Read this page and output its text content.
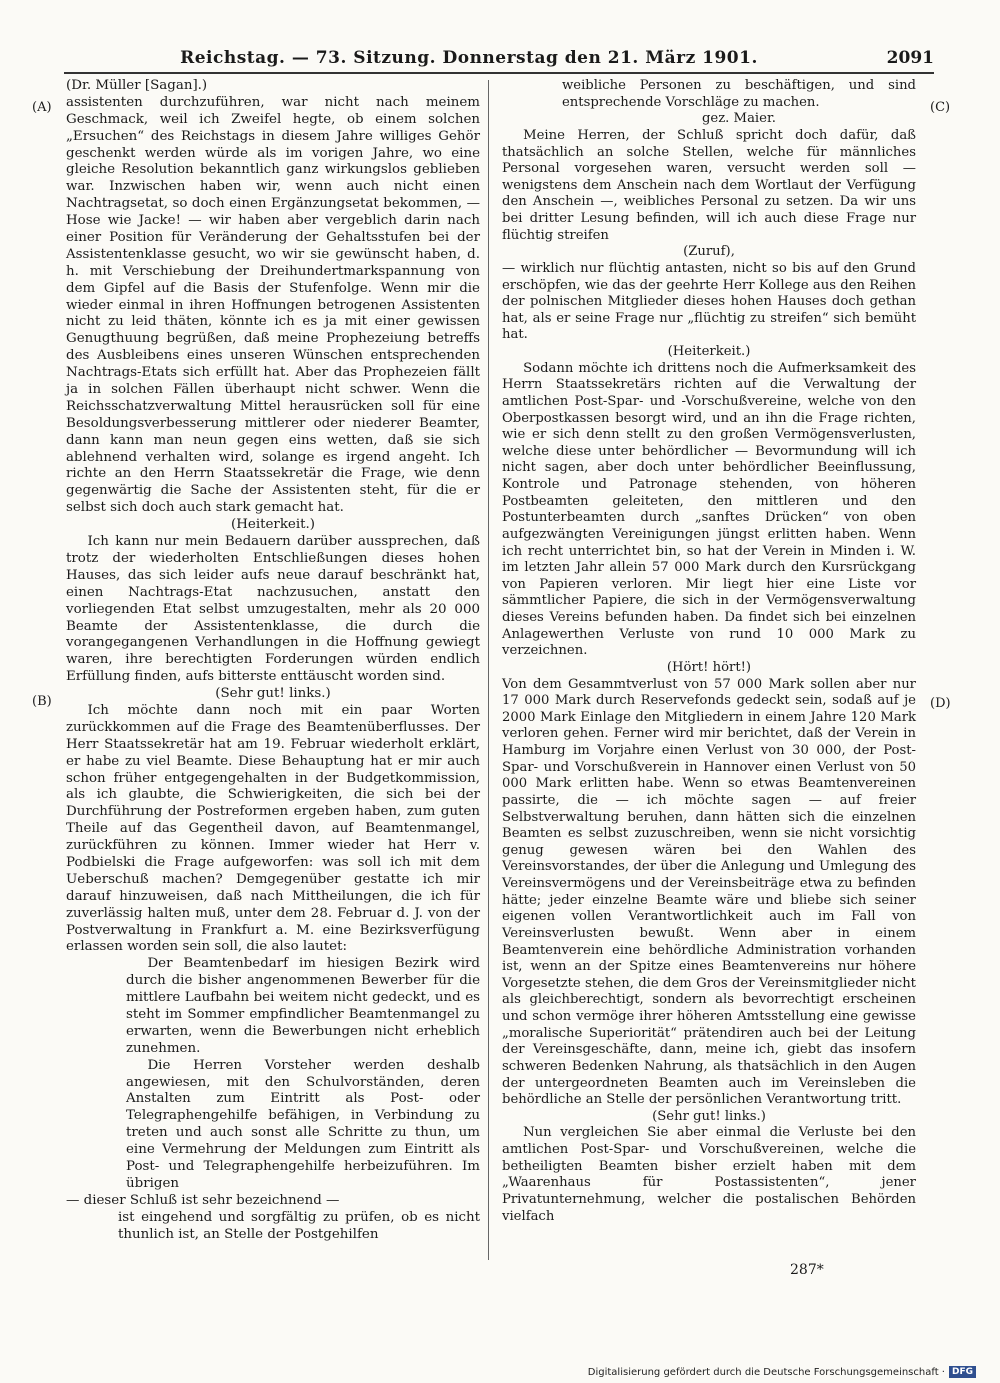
Reichstag. — 73. Sitzung. Donnerstag den 21. März 1901.	2091
(A)
(B)
(C)
(D)

(Dr. Müller [Sagan].)

assistenten durchzuführen, war nicht nach meinem Geschmack, weil ich Zweifel hegte, ob einem solchen „Ersuchen“ des Reichstags in diesem Jahre williges Gehör geschenkt werden würde als im vorigen Jahre, wo eine gleiche Resolution bekanntlich ganz wirkungslos geblieben war. Inzwischen haben wir, wenn auch nicht einen Nachtragsetat, so doch einen Ergänzungsetat bekommen, — Hose wie Jacke! — wir haben aber vergeblich darin nach einer Position für Veränderung der Gehaltsstufen bei der Assistentenklasse gesucht, wo wir sie gewünscht haben, d. h. mit Verschiebung der Dreihundertmarkspannung von dem Gipfel auf die Basis der Stufenfolge. Wenn mir die wieder einmal in ihren Hoffnungen betrogenen Assistenten nicht zu leid thäten, könnte ich es ja mit einer gewissen Genugthuung begrüßen, daß meine Prophezeiung betreffs des Ausbleibens eines unseren Wünschen entsprechenden Nachtrags-Etats sich erfüllt hat. Aber das Prophezeien fällt ja in solchen Fällen überhaupt nicht schwer. Wenn die Reichsschatzverwaltung Mittel herausrücken soll für eine Besoldungsverbesserung mittlerer oder niederer Beamter, dann kann man neun gegen eins wetten, daß sie sich ablehnend verhalten wird, solange es irgend angeht. Ich richte an den Herrn Staatssekretär die Frage, wie denn gegenwärtig die Sache der Assistenten steht, für die er selbst sich doch auch stark gemacht hat.

(Heiterkeit.)

Ich kann nur mein Bedauern darüber aussprechen, daß trotz der wiederholten Entschließungen dieses hohen Hauses, das sich leider aufs neue darauf beschränkt hat, einen Nachtrags-Etat nachzusuchen, anstatt den vorliegenden Etat selbst umzugestalten, mehr als 20 000 Beamte der Assistentenklasse, die durch die vorangegangenen Verhandlungen in die Hoffnung gewiegt waren, ihre berechtigten Forderungen würden endlich Erfüllung finden, aufs bitterste enttäuscht worden sind.

(Sehr gut! links.)

Ich möchte dann noch mit ein paar Worten zurückkommen auf die Frage des Beamtenüberflusses. Der Herr Staatssekretär hat am 19. Februar wiederholt erklärt, er habe zu viel Beamte. Diese Behauptung hat er mir auch schon früher entgegengehalten in der Budgetkommission, als ich glaubte, die Schwierigkeiten, die sich bei der Durchführung der Postreformen ergeben haben, zum guten Theile auf das Gegentheil davon, auf Beamtenmangel, zurückführen zu können. Immer wieder hat Herr v. Podbielski die Frage aufgeworfen: was soll ich mit dem Ueberschuß machen? Demgegenüber gestatte ich mir darauf hinzuweisen, daß nach Mittheilungen, die ich für zuverlässig halten muß, unter dem 28. Februar d. J. von der Postverwaltung in Frankfurt a. M. eine Bezirksverfügung erlassen worden sein soll, die also lautet:

Der Beamtenbedarf im hiesigen Bezirk wird durch die bisher angenommenen Bewerber für die mittlere Laufbahn bei weitem nicht gedeckt, und es steht im Sommer empfindlicher Beamtenmangel zu erwarten, wenn die Bewerbungen nicht erheblich zunehmen.

Die Herren Vorsteher werden deshalb angewiesen, mit den Schulvorständen, deren Anstalten zum Eintritt als Post- oder Telegraphengehilfe befähigen, in Verbindung zu treten und auch sonst alle Schritte zu thun, um eine Vermehrung der Meldungen zum Eintritt als Post- und Telegraphengehilfe herbeizuführen. Im übrigen

— dieser Schluß ist sehr bezeichnend —

ist eingehend und sorgfältig zu prüfen, ob es nicht thunlich ist, an Stelle der Postgehilfen

weibliche Personen zu beschäftigen, und sind entsprechende Vorschläge zu machen.

gez. Maier.

Meine Herren, der Schluß spricht doch dafür, daß thatsächlich an solche Stellen, welche für männliches Personal vorgesehen waren, versucht werden soll — wenigstens dem Anschein nach dem Wortlaut der Verfügung den Anschein —, weibliches Personal zu setzen. Da wir uns bei dritter Lesung befinden, will ich auch diese Frage nur flüchtig streifen

(Zuruf),

— wirklich nur flüchtig antasten, nicht so bis auf den Grund erschöpfen, wie das der geehrte Herr Kollege aus den Reihen der polnischen Mitglieder dieses hohen Hauses doch gethan hat, als er seine Frage nur „flüchtig zu streifen“ sich bemüht hat.

(Heiterkeit.)

Sodann möchte ich drittens noch die Aufmerksamkeit des Herrn Staatssekretärs richten auf die Verwaltung der amtlichen Post-Spar- und -Vorschußvereine, welche von den Oberpostkassen besorgt wird, und an ihn die Frage richten, wie er sich denn stellt zu den großen Vermögensverlusten, welche diese unter behördlicher — Bevormundung will ich nicht sagen, aber doch unter behördlicher Beeinflussung, Kontrole und Patronage stehenden, von höheren Postbeamten geleiteten, den mittleren und den Postunterbeamten durch „sanftes Drücken“ von oben aufgezwängten Vereinigungen jüngst erlitten haben. Wenn ich recht unterrichtet bin, so hat der Verein in Minden i. W. im letzten Jahr allein 57 000 Mark durch den Kursrückgang von Papieren verloren. Mir liegt hier eine Liste vor sämmtlicher Papiere, die sich in der Vermögensverwaltung dieses Vereins befunden haben. Da findet sich bei einzelnen Anlagewerthen Verluste von rund 10 000 Mark zu verzeichnen.

(Hört! hört!)

Von dem Gesammtverlust von 57 000 Mark sollen aber nur 17 000 Mark durch Reservefonds gedeckt sein, sodaß auf je 2000 Mark Einlage den Mitgliedern in einem Jahre 120 Mark verloren gehen. Ferner wird mir berichtet, daß der Verein in Hamburg im Vorjahre einen Verlust von 30 000, der Post-Spar- und Vorschußverein in Hannover einen Verlust von 50 000 Mark erlitten habe. Wenn so etwas Beamtenvereinen passirte, die — ich möchte sagen — auf freier Selbstverwaltung beruhen, dann hätten sich die einzelnen Beamten es selbst zuzuschreiben, wenn sie nicht vorsichtig genug gewesen wären bei den Wahlen des Vereinsvorstandes, der über die Anlegung und Umlegung des Vereinsvermögens und der Vereinsbeiträge etwa zu befinden hätte; jeder einzelne Beamte wäre und bliebe sich seiner eigenen vollen Verantwortlichkeit auch im Fall von Vereinsverlusten bewußt. Wenn aber in einem Beamtenverein eine behördliche Administration vorhanden ist, wenn an der Spitze eines Beamtenvereins nur höhere Vorgesetzte stehen, die dem Gros der Vereinsmitglieder nicht als gleichberechtigt, sondern als bevorrechtigt erscheinen und schon vermöge ihrer höheren Amtsstellung eine gewisse „moralische Superiorität“ prätendiren auch bei der Leitung der Vereinsgeschäfte, dann, meine ich, giebt das insofern schweren Bedenken Nahrung, als thatsächlich in den Augen der untergeordneten Beamten auch im Vereinsleben die behördliche an Stelle der persönlichen Verantwortung tritt.

(Sehr gut! links.)

Nun vergleichen Sie aber einmal die Verluste bei den amtlichen Post-Spar- und Vorschußvereinen, welche die betheiligten Beamten bisher erzielt haben mit dem „Waarenhaus für Postassistenten“, jener Privatunternehmung, welcher die postalischen Behörden vielfach

287*
Digitalisierung gefördert durch die Deutsche Forschungsgemeinschaft · DFG
